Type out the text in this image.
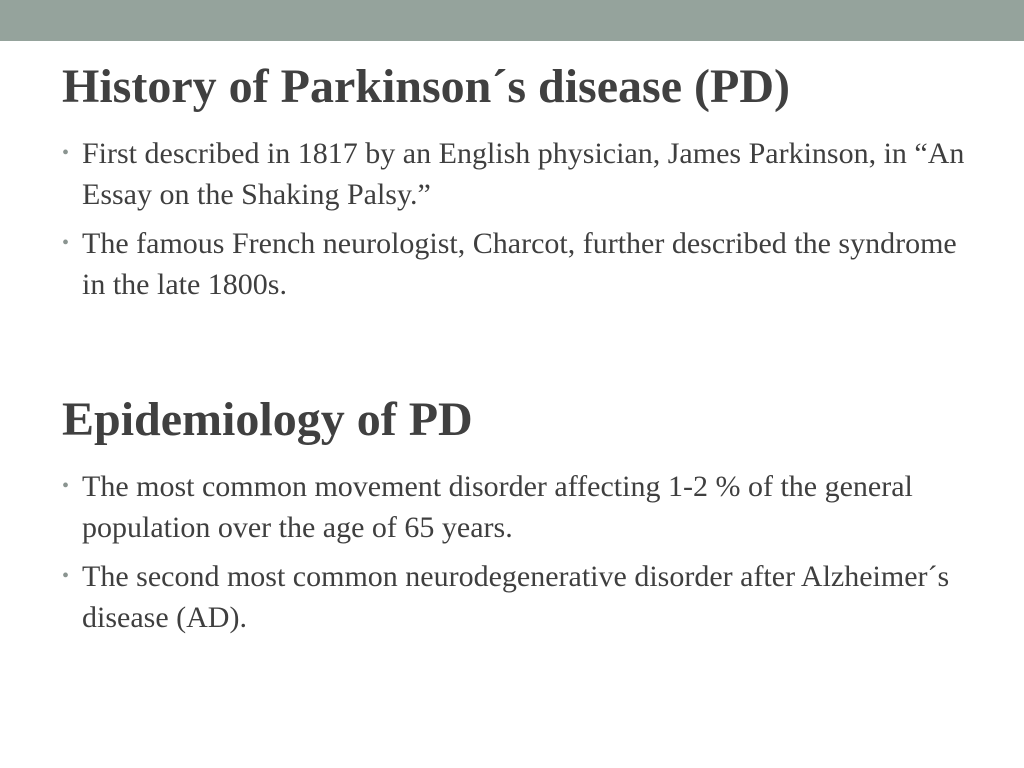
History of Parkinson´s disease (PD)
• First described in 1817 by an English physician, James Parkinson, in “An Essay on the Shaking Palsy.”
• The famous French neurologist, Charcot, further described the syndrome in the late 1800s.
Epidemiology of PD
• The most common movement disorder affecting 1-2 % of the general population over the age of 65 years.
• The second most common neurodegenerative disorder after Alzheimer´s disease (AD).
